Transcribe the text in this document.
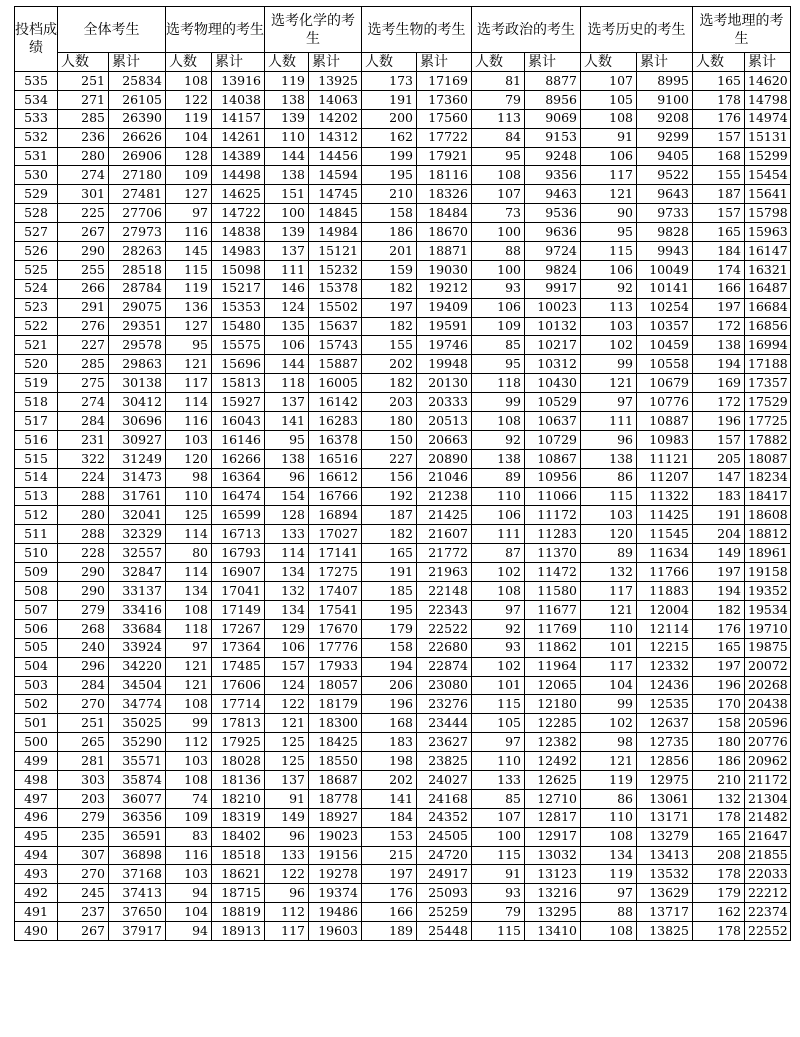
投档成绩	全体考生		选考物理的考生		选考化学的考生		选考生物的考生		选考政治的考生		选考历史的考生		选考地理的考生	
	人数	累计	人数	累计	人数	累计	人数	累计	人数	累计	人数	累计	人数	累计
535	251	25834	108	13916	119	13925	173	17169	81	8877	107	8995	165	14620
534	271	26105	122	14038	138	14063	191	17360	79	8956	105	9100	178	14798
533	285	26390	119	14157	139	14202	200	17560	113	9069	108	9208	176	14974
532	236	26626	104	14261	110	14312	162	17722	84	9153	91	9299	157	15131
531	280	26906	128	14389	144	14456	199	17921	95	9248	106	9405	168	15299
530	274	27180	109	14498	138	14594	195	18116	108	9356	117	9522	155	15454
529	301	27481	127	14625	151	14745	210	18326	107	9463	121	9643	187	15641
528	225	27706	97	14722	100	14845	158	18484	73	9536	90	9733	157	15798
527	267	27973	116	14838	139	14984	186	18670	100	9636	95	9828	165	15963
526	290	28263	145	14983	137	15121	201	18871	88	9724	115	9943	184	16147
525	255	28518	115	15098	111	15232	159	19030	100	9824	106	10049	174	16321
524	266	28784	119	15217	146	15378	182	19212	93	9917	92	10141	166	16487
523	291	29075	136	15353	124	15502	197	19409	106	10023	113	10254	197	16684
522	276	29351	127	15480	135	15637	182	19591	109	10132	103	10357	172	16856
521	227	29578	95	15575	106	15743	155	19746	85	10217	102	10459	138	16994
520	285	29863	121	15696	144	15887	202	19948	95	10312	99	10558	194	17188
519	275	30138	117	15813	118	16005	182	20130	118	10430	121	10679	169	17357
518	274	30412	114	15927	137	16142	203	20333	99	10529	97	10776	172	17529
517	284	30696	116	16043	141	16283	180	20513	108	10637	111	10887	196	17725
516	231	30927	103	16146	95	16378	150	20663	92	10729	96	10983	157	17882
515	322	31249	120	16266	138	16516	227	20890	138	10867	138	11121	205	18087
514	224	31473	98	16364	96	16612	156	21046	89	10956	86	11207	147	18234
513	288	31761	110	16474	154	16766	192	21238	110	11066	115	11322	183	18417
512	280	32041	125	16599	128	16894	187	21425	106	11172	103	11425	191	18608
511	288	32329	114	16713	133	17027	182	21607	111	11283	120	11545	204	18812
510	228	32557	80	16793	114	17141	165	21772	87	11370	89	11634	149	18961
509	290	32847	114	16907	134	17275	191	21963	102	11472	132	11766	197	19158
508	290	33137	134	17041	132	17407	185	22148	108	11580	117	11883	194	19352
507	279	33416	108	17149	134	17541	195	22343	97	11677	121	12004	182	19534
506	268	33684	118	17267	129	17670	179	22522	92	11769	110	12114	176	19710
505	240	33924	97	17364	106	17776	158	22680	93	11862	101	12215	165	19875
504	296	34220	121	17485	157	17933	194	22874	102	11964	117	12332	197	20072
503	284	34504	121	17606	124	18057	206	23080	101	12065	104	12436	196	20268
502	270	34774	108	17714	122	18179	196	23276	115	12180	99	12535	170	20438
501	251	35025	99	17813	121	18300	168	23444	105	12285	102	12637	158	20596
500	265	35290	112	17925	125	18425	183	23627	97	12382	98	12735	180	20776
499	281	35571	103	18028	125	18550	198	23825	110	12492	121	12856	186	20962
498	303	35874	108	18136	137	18687	202	24027	133	12625	119	12975	210	21172
497	203	36077	74	18210	91	18778	141	24168	85	12710	86	13061	132	21304
496	279	36356	109	18319	149	18927	184	24352	107	12817	110	13171	178	21482
495	235	36591	83	18402	96	19023	153	24505	100	12917	108	13279	165	21647
494	307	36898	116	18518	133	19156	215	24720	115	13032	134	13413	208	21855
493	270	37168	103	18621	122	19278	197	24917	91	13123	119	13532	178	22033
492	245	37413	94	18715	96	19374	176	25093	93	13216	97	13629	179	22212
491	237	37650	104	18819	112	19486	166	25259	79	13295	88	13717	162	22374
490	267	37917	94	18913	117	19603	189	25448	115	13410	108	13825	178	22552
